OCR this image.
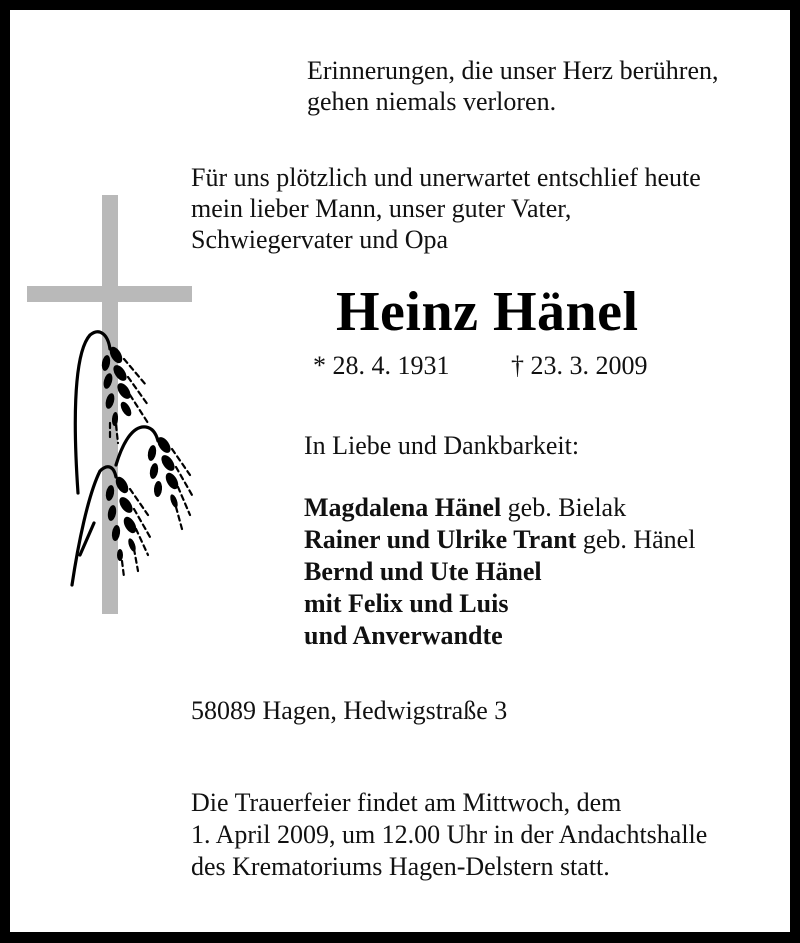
Erinnerungen, die unser Herz berühren,
gehen niemals verloren.

Für uns plötzlich und unerwartet entschlief heute
mein lieber Mann, unser guter Vater,
Schwiegervater und Opa

Heinz Hänel
* 28. 4. 1931 † 23. 3. 2009
In Liebe und Dankbarkeit:
Magdalena Hänel geb. Bielak
Rainer und Ulrike Trant geb. Hänel
Bernd und Ute Hänel
mit Felix und Luis
und Anverwandte
58089 Hagen, Hedwigstraße 3

Die Trauerfeier findet am Mittwoch, dem
1. April 2009, um 12.00 Uhr in der Andachtshalle
des Krematoriums Hagen-Delstern statt.
